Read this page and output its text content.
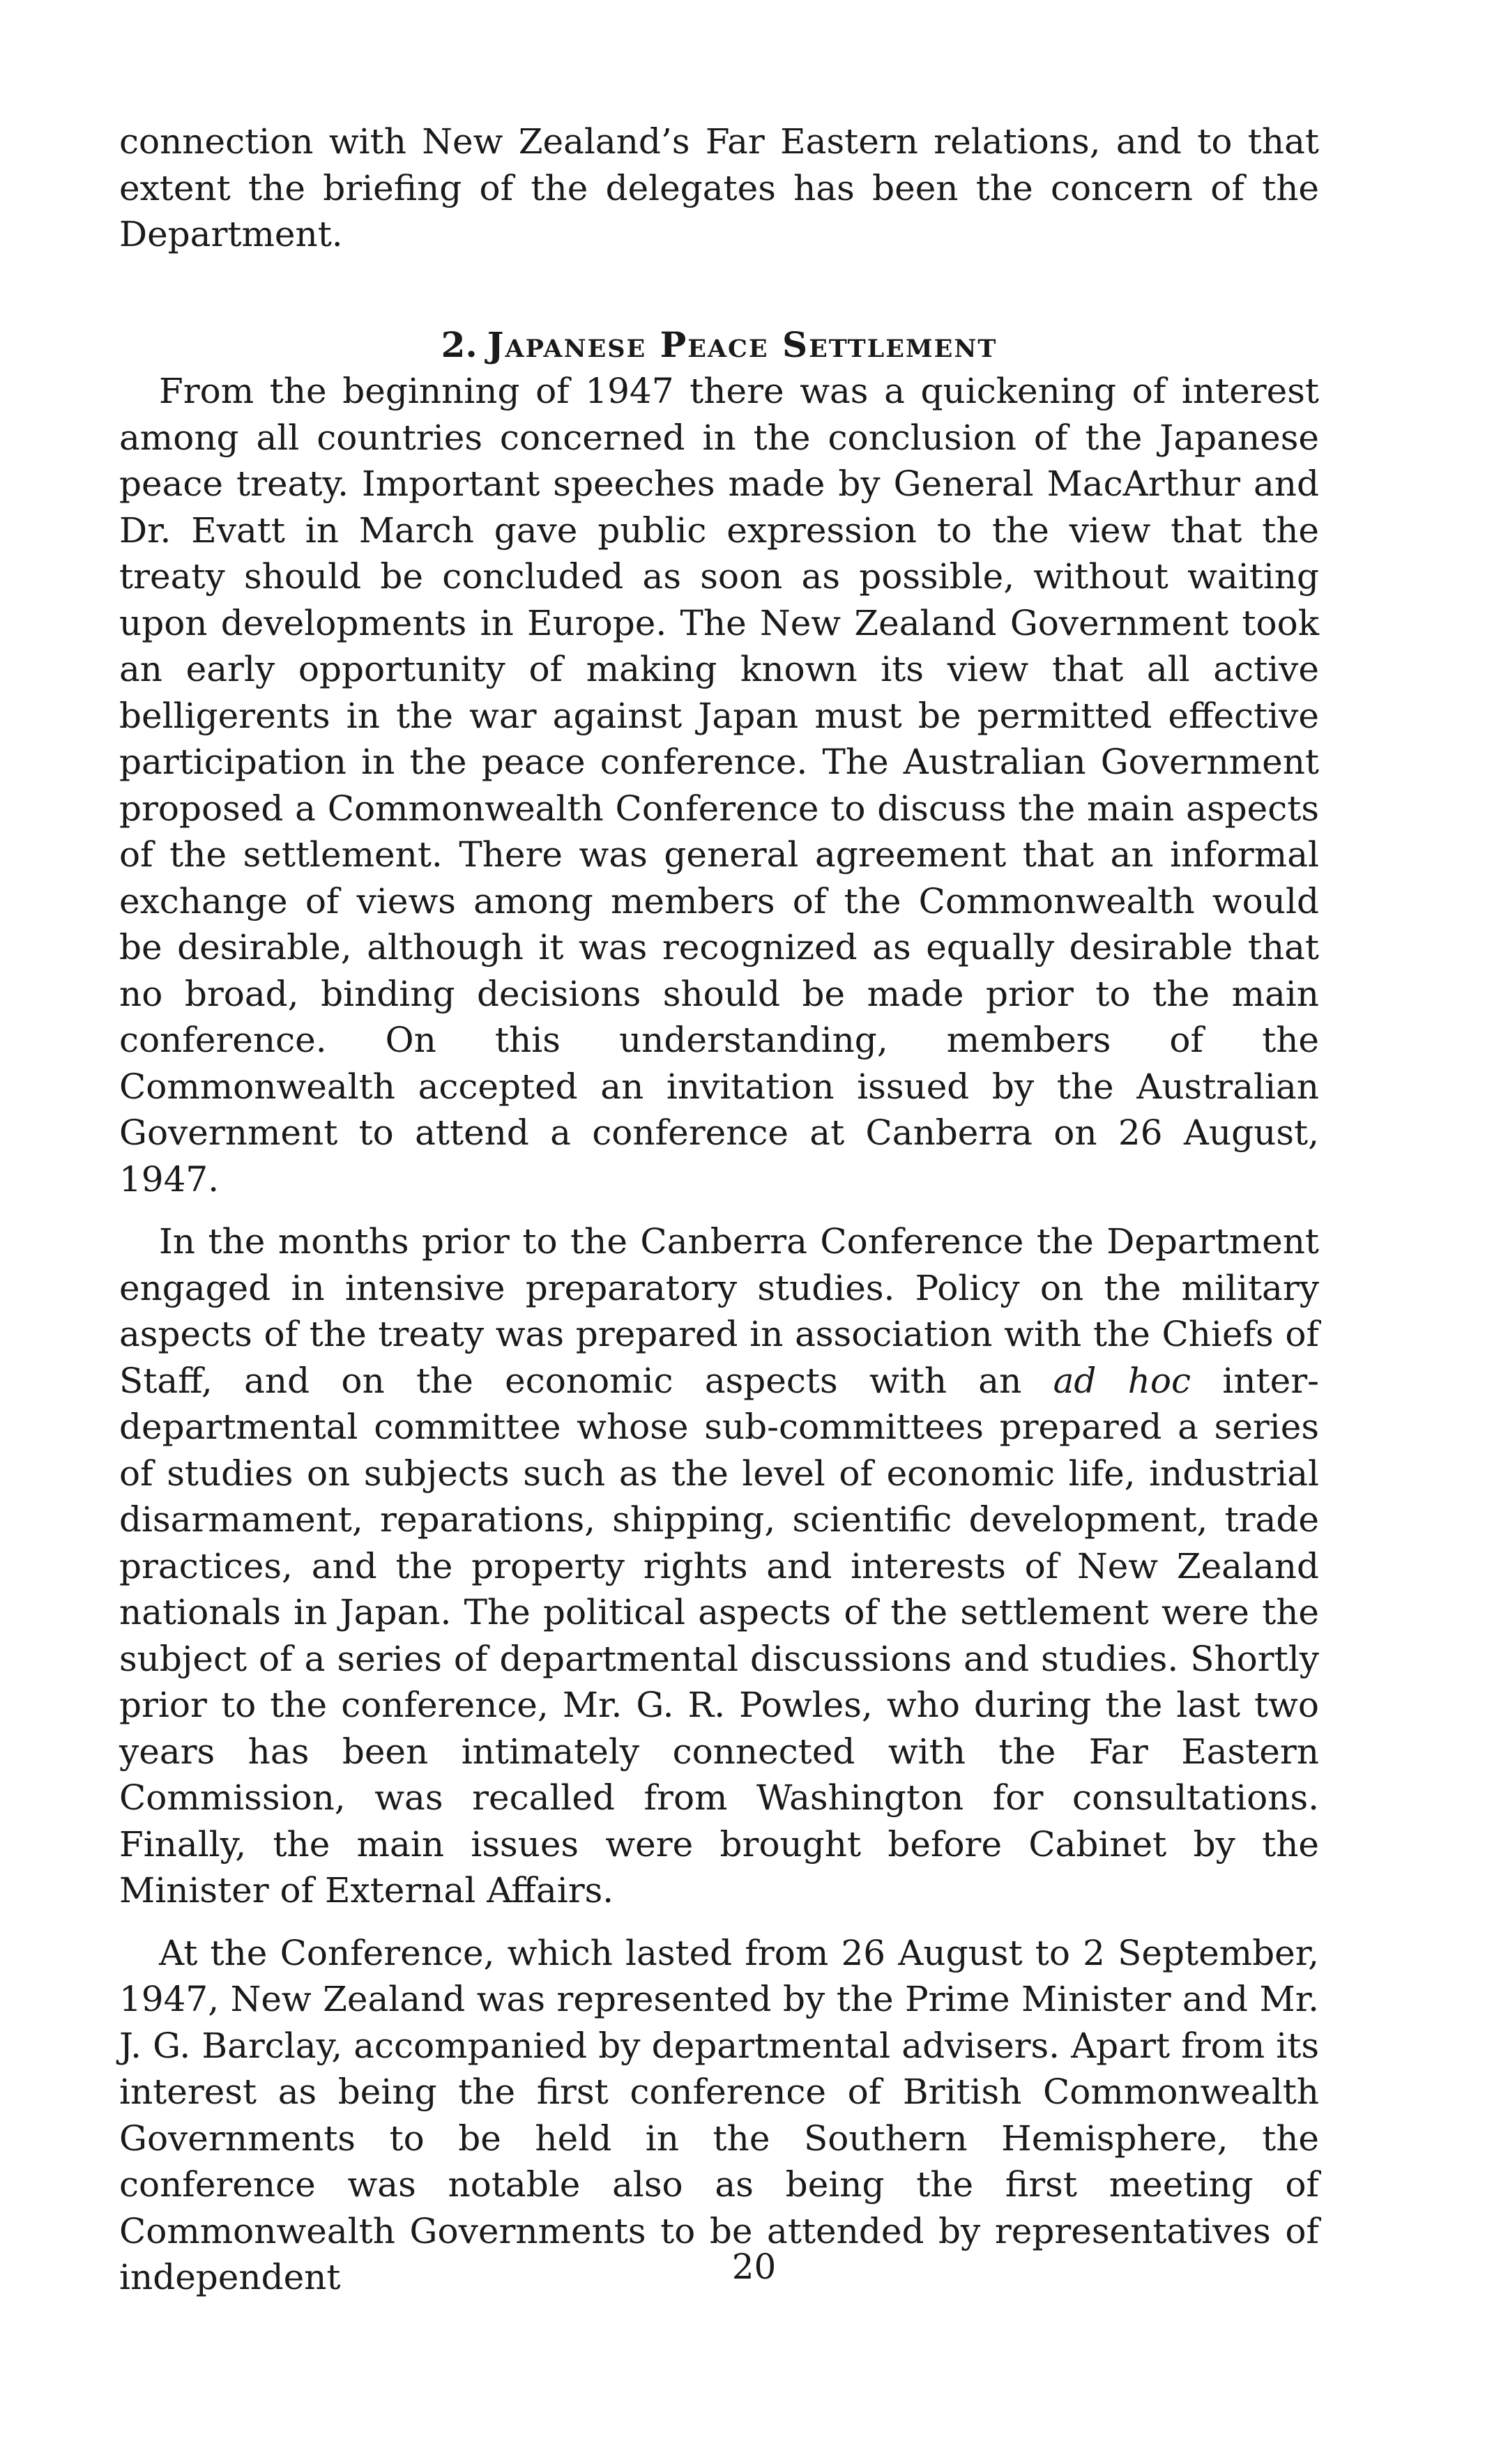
connection with New Zealand’s Far Eastern relations, and to that extent the briefing of the delegates has been the concern of the Department.

2. Japanese Peace Settlement

From the beginning of 1947 there was a quickening of interest among all countries concerned in the conclusion of the Japanese peace treaty. Important speeches made by General MacArthur and Dr. Evatt in March gave public expression to the view that the treaty should be concluded as soon as possible, without waiting upon developments in Europe. The New Zealand Government took an early opportunity of making known its view that all active belligerents in the war against Japan must be permitted effective participation in the peace conference. The Australian Government proposed a Commonwealth Conference to discuss the main aspects of the settlement. There was general agreement that an informal exchange of views among members of the Commonwealth would be desirable, although it was recognized as equally desirable that no broad, binding decisions should be made prior to the main conference. On this understanding, members of the Commonwealth accepted an invitation issued by the Australian Government to attend a conference at Canberra on 26 August, 1947.

In the months prior to the Canberra Conference the Department engaged in intensive preparatory studies. Policy on the military aspects of the treaty was prepared in association with the Chiefs of Staff, and on the economic aspects with an ad hoc inter-departmental committee whose sub-committees prepared a series of studies on subjects such as the level of economic life, industrial disarmament, reparations, shipping, scientific development, trade practices, and the property rights and interests of New Zealand nationals in Japan. The political aspects of the settlement were the subject of a series of departmental discussions and studies. Shortly prior to the conference, Mr. G. R. Powles, who during the last two years has been intimately connected with the Far Eastern Commission, was recalled from Washington for consultations. Finally, the main issues were brought before Cabinet by the Minister of External Affairs.

At the Conference, which lasted from 26 August to 2 September, 1947, New Zealand was represented by the Prime Minister and Mr. J. G. Barclay, accompanied by departmental advisers. Apart from its interest as being the first conference of British Commonwealth Governments to be held in the Southern Hemisphere, the conference was notable also as being the first meeting of Commonwealth Governments to be attended by representatives of independent	20
